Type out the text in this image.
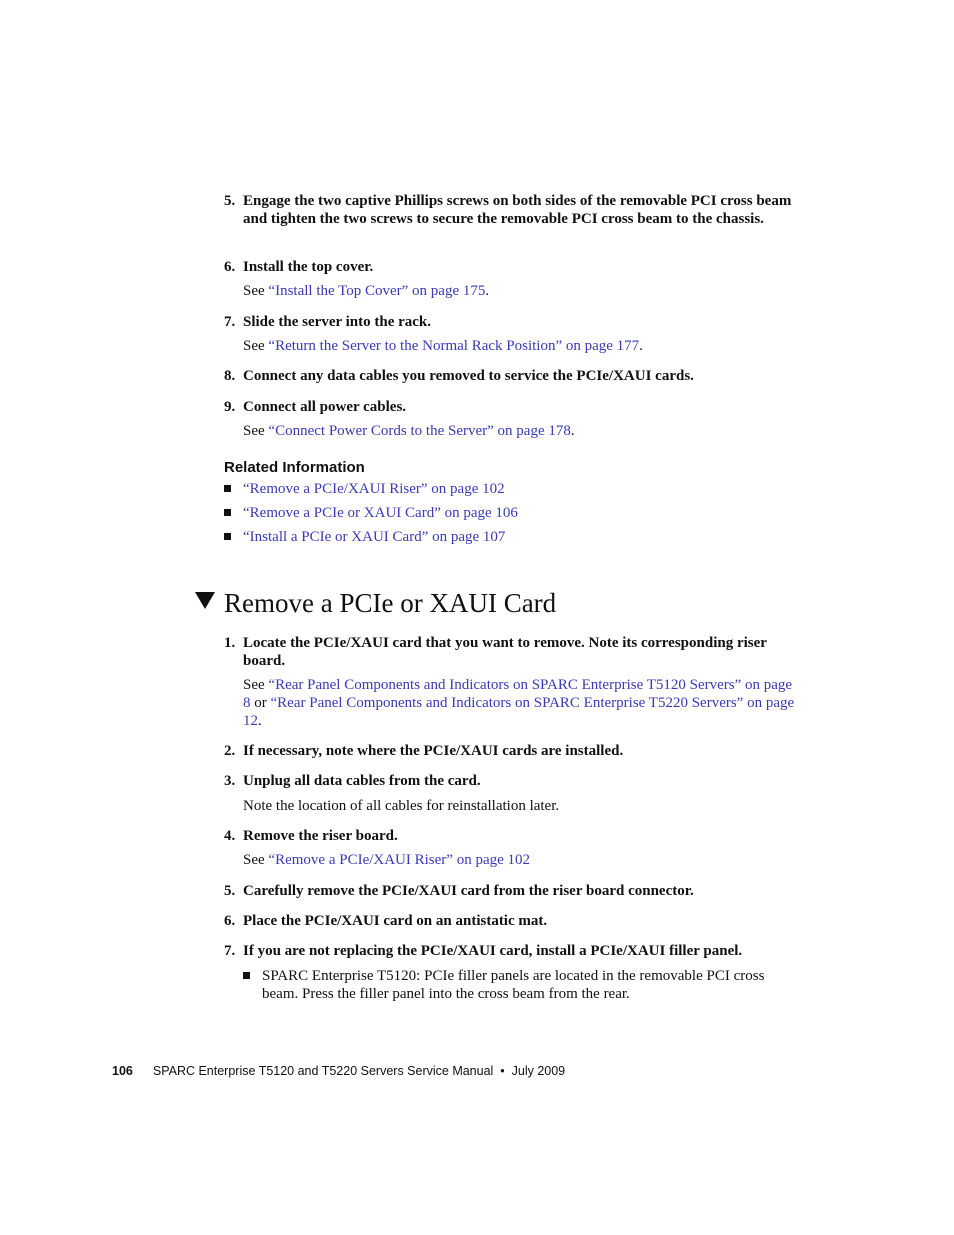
5. Engage the two captive Phillips screws on both sides of the removable PCI cross beam and tighten the two screws to secure the removable PCI cross beam to the chassis.
6. Install the top cover.
See “Install the Top Cover” on page 175.
7. Slide the server into the rack.
See “Return the Server to the Normal Rack Position” on page 177.
8. Connect any data cables you removed to service the PCIe/XAUI cards.
9. Connect all power cables.
See “Connect Power Cords to the Server” on page 178.
Related Information
“Remove a PCIe/XAUI Riser” on page 102
“Remove a PCIe or XAUI Card” on page 106
“Install a PCIe or XAUI Card” on page 107
Remove a PCIe or XAUI Card
1. Locate the PCIe/XAUI card that you want to remove. Note its corresponding riser board.
See “Rear Panel Components and Indicators on SPARC Enterprise T5120 Servers” on page 8 or “Rear Panel Components and Indicators on SPARC Enterprise T5220 Servers” on page 12.
2. If necessary, note where the PCIe/XAUI cards are installed.
3. Unplug all data cables from the card.
Note the location of all cables for reinstallation later.
4. Remove the riser board.
See “Remove a PCIe/XAUI Riser” on page 102
5. Carefully remove the PCIe/XAUI card from the riser board connector.
6. Place the PCIe/XAUI card on an antistatic mat.
7. If you are not replacing the PCIe/XAUI card, install a PCIe/XAUI filler panel.
SPARC Enterprise T5120: PCIe filler panels are located in the removable PCI cross beam. Press the filler panel into the cross beam from the rear.
106 SPARC Enterprise T5120 and T5220 Servers Service Manual • July 2009
